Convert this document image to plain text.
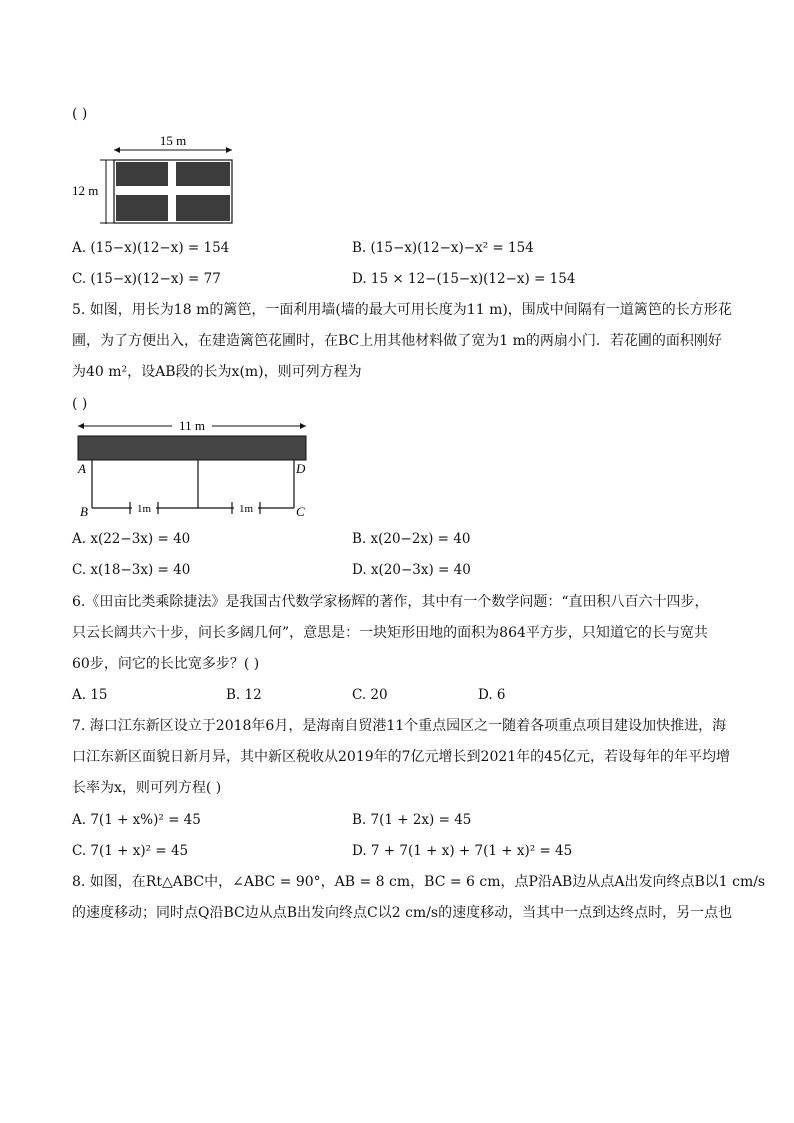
( )
15 m
12 m
A. (15−x)(12−x) = 154	B. (15−x)(12−x)−x² = 154
C. (15−x)(12−x) = 77	D. 15 × 12−(15−x)(12−x) = 154
5. 如图，用长为18 m的篱笆，一面利用墙(墙的最大可用长度为11 m)，围成中间隔有一道篱笆的长方形花
圃，为了方便出入，在建造篱笆花圃时，在BC上用其他材料做了宽为1 m的两扇小门．若花圃的面积刚好
为40 m²，设AB段的长为x(m)，则可列方程为
( )
11 m
1m	1m
A	D
B	C
A. x(22−3x) = 40	B. x(20−2x) = 40
C. x(18−3x) = 40	D. x(20−3x) = 40
6.《田亩比类乘除捷法》是我国古代数学家杨辉的著作，其中有一个数学问题：“直田积八百六十四步，
只云长阔共六十步，问长多阔几何”，意思是：一块矩形田地的面积为864平方步，只知道它的长与宽共
60步，问它的长比宽多步？( )
A. 15	B. 12	C. 20	D. 6
7. 海口江东新区设立于2018年6月，是海南自贸港11个重点园区之一随着各项重点项目建设加快推进，海
口江东新区面貌日新月异，其中新区税收从2019年的7亿元增长到2021年的45亿元，若设每年的年平均增
长率为x，则可列方程( )
A. 7(1 + x%)² = 45	B. 7(1 + 2x) = 45
C. 7(1 + x)² = 45	D. 7 + 7(1 + x) + 7(1 + x)² = 45
8. 如图，在Rt△ABC中，∠ABC = 90°，AB = 8 cm，BC = 6 cm，点P沿AB边从点A出发向终点B以1 cm/s
的速度移动；同时点Q沿BC边从点B出发向终点C以2 cm/s的速度移动，当其中一点到达终点时，另一点也
